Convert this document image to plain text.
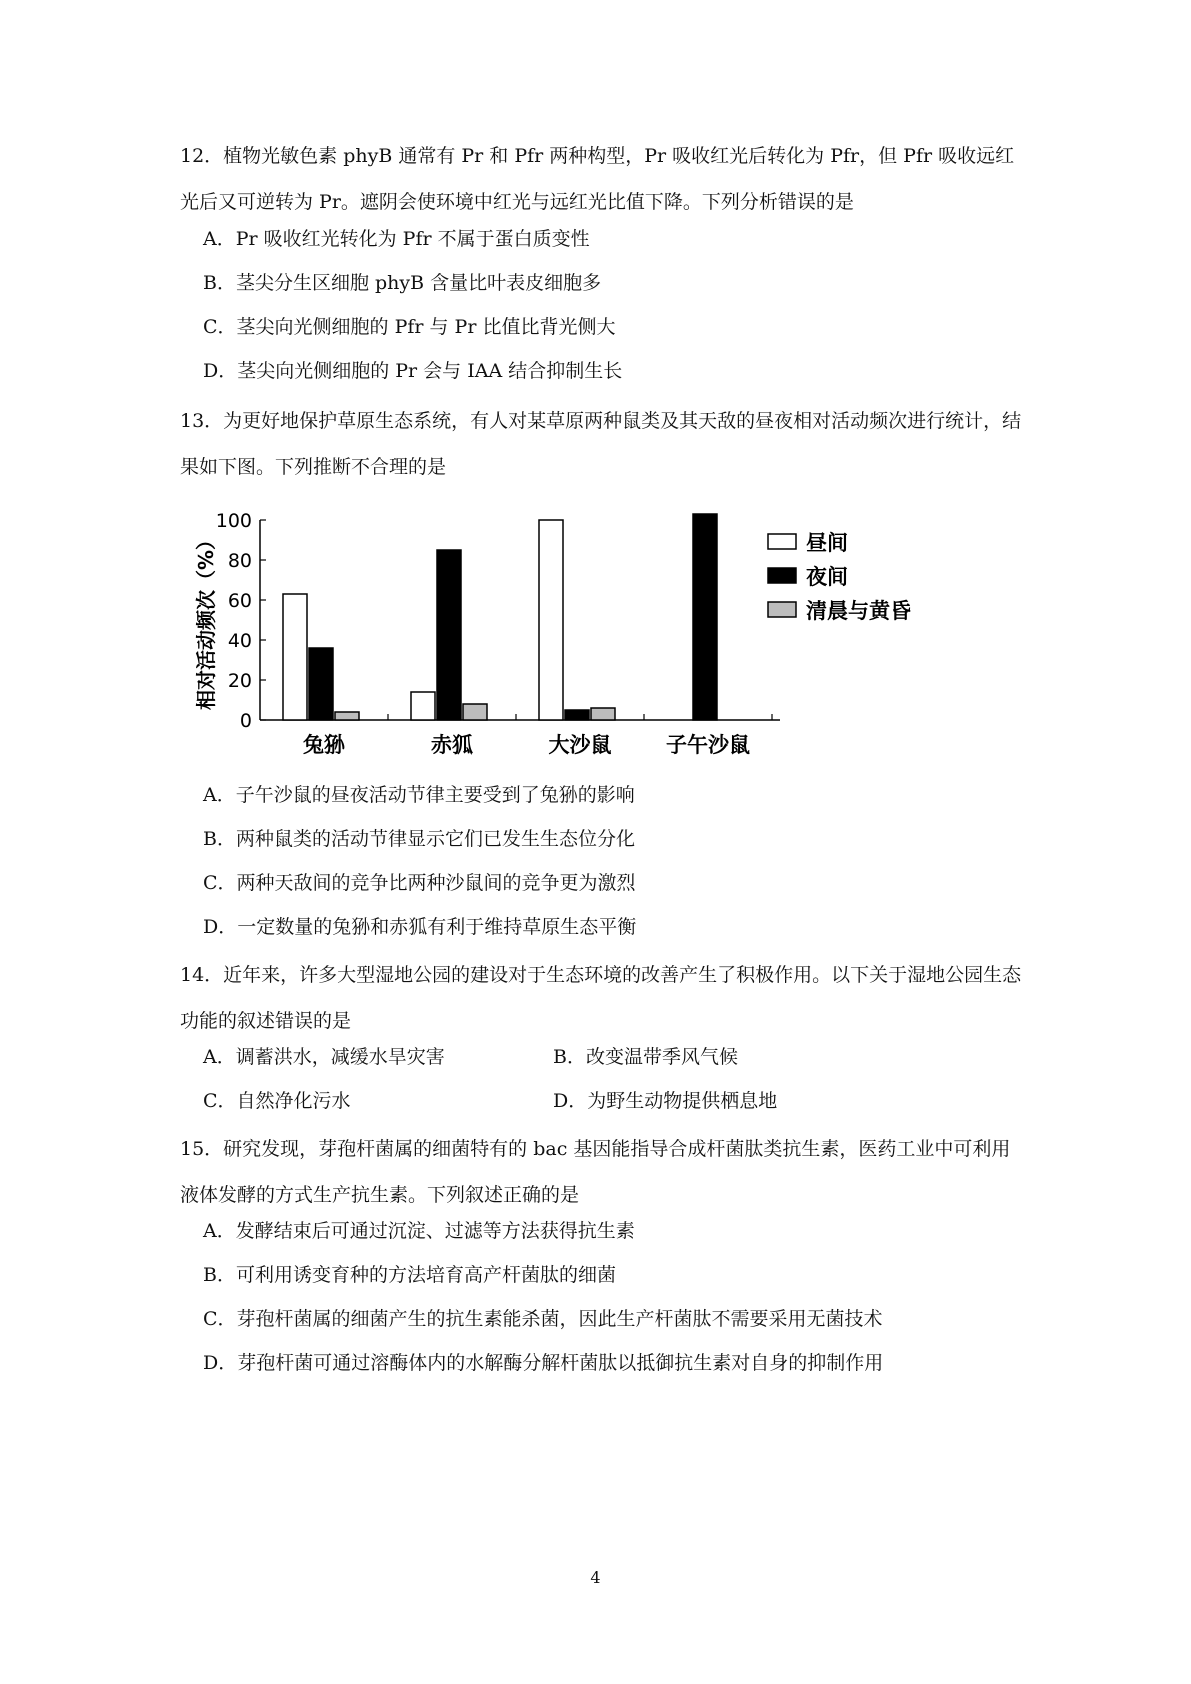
12．植物光敏色素 phyB 通常有 Pr 和 Pfr 两种构型，Pr 吸收红光后转化为 Pfr，但 Pfr 吸收远红光后又可逆转为 Pr。遮阴会使环境中红光与远红光比值下降。下列分析错误的是
A．Pr 吸收红光转化为 Pfr 不属于蛋白质变性
B．茎尖分生区细胞 phyB 含量比叶表皮细胞多
C．茎尖向光侧细胞的 Pfr 与 Pr 比值比背光侧大
D．茎尖向光侧细胞的 Pr 会与 IAA 结合抑制生长
13．为更好地保护草原生态系统，有人对某草原两种鼠类及其天敌的昼夜相对活动频次进行统计，结果如下图。下列推断不合理的是
0
20
40
60
80
100
相对活动频次（%）
兔狲	赤狐	大沙鼠	子午沙鼠
昼间
夜间
清晨与黄昏
A．子午沙鼠的昼夜活动节律主要受到了兔狲的影响
B．两种鼠类的活动节律显示它们已发生生态位分化
C．两种天敌间的竞争比两种沙鼠间的竞争更为激烈
D．一定数量的兔狲和赤狐有利于维持草原生态平衡
14．近年来，许多大型湿地公园的建设对于生态环境的改善产生了积极作用。以下关于湿地公园生态功能的叙述错误的是
A．调蓄洪水，减缓水旱灾害	B．改变温带季风气候
C．自然净化污水	D．为野生动物提供栖息地
15．研究发现，芽孢杆菌属的细菌特有的 bac 基因能指导合成杆菌肽类抗生素，医药工业中可利用液体发酵的方式生产抗生素。下列叙述正确的是
A．发酵结束后可通过沉淀、过滤等方法获得抗生素
B．可利用诱变育种的方法培育高产杆菌肽的细菌
C．芽孢杆菌属的细菌产生的抗生素能杀菌，因此生产杆菌肽不需要采用无菌技术
D．芽孢杆菌可通过溶酶体内的水解酶分解杆菌肽以抵御抗生素对自身的抑制作用
4
